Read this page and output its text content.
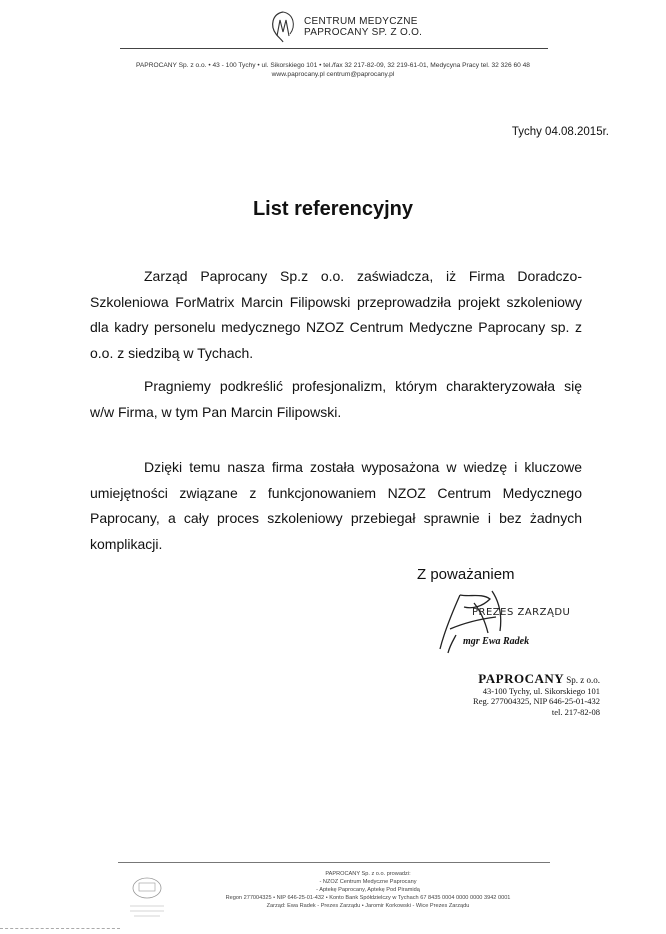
CENTRUM MEDYCZNE
PAPROCANY SP. Z O.O.
PAPROCANY Sp. z o.o. • 43 - 100 Tychy • ul. Sikorskiego 101 • tel./fax 32 217-82-09, 32 219-61-01, Medycyna Pracy tel. 32 326 60 48
www.paprocany.pl centrum@paprocany.pl
Tychy 04.08.2015r.
List referencyjny
Zarząd Paprocany Sp.z o.o. zaświadcza, iż Firma Doradczo-Szkoleniowa ForMatrix Marcin Filipowski przeprowadziła projekt szkoleniowy dla kadry personelu medycznego NZOZ Centrum Medyczne Paprocany sp. z o.o. z siedzibą w Tychach.
Pragniemy podkreślić profesjonalizm, którym charakteryzowała się w/w Firma, w tym Pan Marcin Filipowski.
Dzięki temu nasza firma została wyposażona w wiedzę i kluczowe umiejętności związane z funkcjonowaniem NZOZ Centrum Medycznego Paprocany, a cały proces szkoleniowy przebiegał sprawnie i bez żadnych komplikacji.
Z poważaniem
PREZES ZARZĄDU
mgr Ewa Radek
PAPROCANY Sp. z o.o.
43-100 Tychy, ul. Sikorskiego 101
Reg. 277004325, NIP 646-25-01-432
tel. 217-82-08
PAPROCANY Sp. z o.o. prowadzi:
- NZOZ Centrum Medyczne Paprocany
- Aptekę Paprocany, Aptekę Pod Piramidą
Regon 277004325 • NIP 646-25-01-432 • Konto Bank Spółdzielczy w Tychach 67 8435 0004 0000 0000 3942 0001
Zarząd: Ewa Radek - Prezes Zarządu • Jaromir Korkowski - Wice Prezes Zarządu
